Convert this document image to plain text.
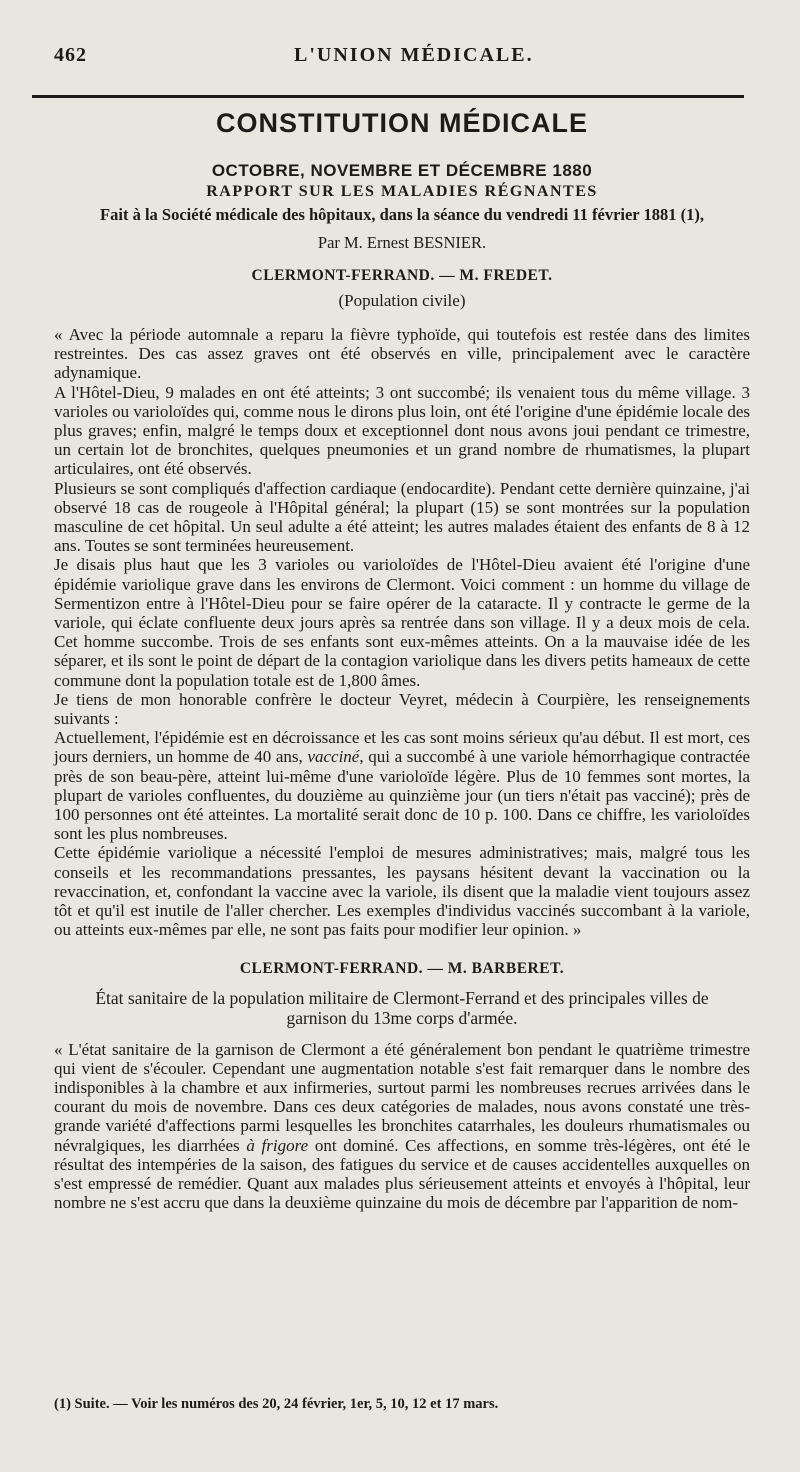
462	L'UNION MÉDICALE.
CONSTITUTION MÉDICALE
OCTOBRE, NOVEMBRE ET DÉCEMBRE 1880
RAPPORT SUR LES MALADIES RÉGNANTES
Fait à la Société médicale des hôpitaux, dans la séance du vendredi 11 février 1881 (1),
Par M. Ernest BESNIER.
CLERMONT-FERRAND. — M. FREDET.
(Population civile)

« Avec la période automnale a reparu la fièvre typhoïde, qui toutefois est restée dans des limites restreintes. Des cas assez graves ont été observés en ville, principalement avec le caractère adynamique.

A l'Hôtel-Dieu, 9 malades en ont été atteints; 3 ont succombé; ils venaient tous du même village. 3 varioles ou varioloïdes qui, comme nous le dirons plus loin, ont été l'origine d'une épidémie locale des plus graves; enfin, malgré le temps doux et exceptionnel dont nous avons joui pendant ce trimestre, un certain lot de bronchites, quelques pneumonies et un grand nombre de rhumatismes, la plupart articulaires, ont été observés.

Plusieurs se sont compliqués d'affection cardiaque (endocardite). Pendant cette dernière quinzaine, j'ai observé 18 cas de rougeole à l'Hôpital général; la plupart (15) se sont montrées sur la population masculine de cet hôpital. Un seul adulte a été atteint; les autres malades étaient des enfants de 8 à 12 ans. Toutes se sont terminées heureusement.

Je disais plus haut que les 3 varioles ou varioloïdes de l'Hôtel-Dieu avaient été l'origine d'une épidémie variolique grave dans les environs de Clermont. Voici comment : un homme du village de Sermentizon entre à l'Hôtel-Dieu pour se faire opérer de la cataracte. Il y contracte le germe de la variole, qui éclate confluente deux jours après sa rentrée dans son village. Il y a deux mois de cela. Cet homme succombe. Trois de ses enfants sont eux-mêmes atteints. On a la mauvaise idée de les séparer, et ils sont le point de départ de la contagion variolique dans les divers petits hameaux de cette commune dont la population totale est de 1,800 âmes.

Je tiens de mon honorable confrère le docteur Veyret, médecin à Courpière, les renseignements suivants :

Actuellement, l'épidémie est en décroissance et les cas sont moins sérieux qu'au début. Il est mort, ces jours derniers, un homme de 40 ans, vacciné, qui a succombé à une variole hémorrhagique contractée près de son beau-père, atteint lui-même d'une varioloïde légère. Plus de 10 femmes sont mortes, la plupart de varioles confluentes, du douzième au quinzième jour (un tiers n'était pas vacciné); près de 100 personnes ont été atteintes. La mortalité serait donc de 10 p. 100. Dans ce chiffre, les varioloïdes sont les plus nombreuses.

Cette épidémie variolique a nécessité l'emploi de mesures administratives; mais, malgré tous les conseils et les recommandations pressantes, les paysans hésitent devant la vaccination ou la revaccination, et, confondant la vaccine avec la variole, ils disent que la maladie vient toujours assez tôt et qu'il est inutile de l'aller chercher. Les exemples d'individus vaccinés succombant à la variole, ou atteints eux-mêmes par elle, ne sont pas faits pour modifier leur opinion. »

CLERMONT-FERRAND. — M. BARBERET.
État sanitaire de la population militaire de Clermont-Ferrand et des principales villes de
garnison du 13me corps d'armée.

« L'état sanitaire de la garnison de Clermont a été généralement bon pendant le quatrième trimestre qui vient de s'écouler. Cependant une augmentation notable s'est fait remarquer dans le nombre des indisponibles à la chambre et aux infirmeries, surtout parmi les nombreuses recrues arrivées dans le courant du mois de novembre. Dans ces deux catégories de malades, nous avons constaté une très-grande variété d'affections parmi lesquelles les bronchites catarrhales, les douleurs rhumatismales ou névralgiques, les diarrhées à frigore ont dominé. Ces affections, en somme très-légères, ont été le résultat des intempéries de la saison, des fatigues du service et de causes accidentelles auxquelles on s'est empressé de remédier. Quant aux malades plus sérieusement atteints et envoyés à l'hôpital, leur nombre ne s'est accru que dans la deuxième quinzaine du mois de décembre par l'apparition de nom-

(1) Suite. — Voir les numéros des 20, 24 février, 1er, 5, 10, 12 et 17 mars.
